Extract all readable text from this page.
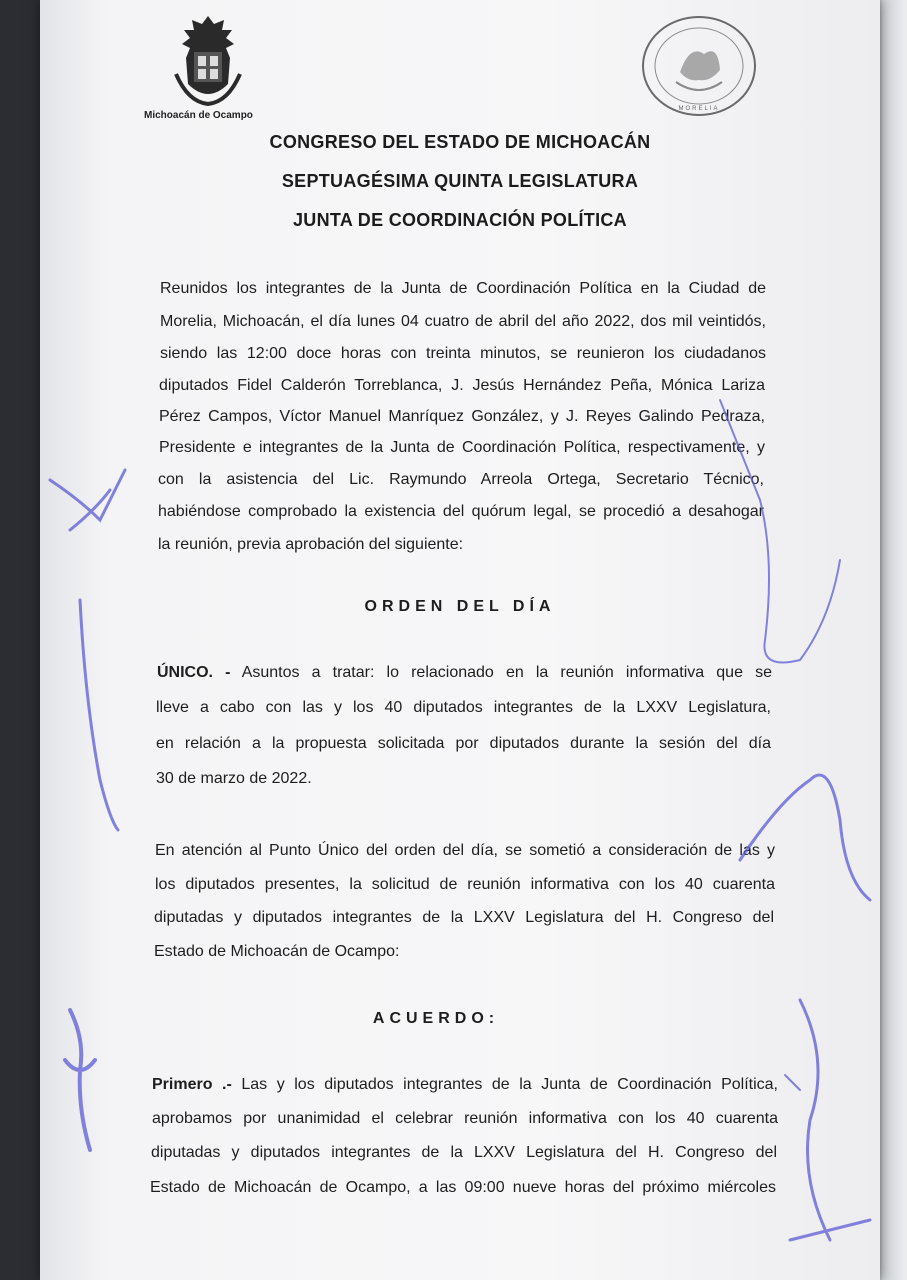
Michoacán de Ocampo
MORELIA
CONGRESO DEL ESTADO DE MICHOACÁN
SEPTUAGÉSIMA QUINTA LEGISLATURA
JUNTA DE COORDINACIÓN POLÍTICA
Reunidos los integrantes de la Junta de Coordinación Política en la Ciudad de
Morelia, Michoacán, el día lunes 04 cuatro de abril del año 2022, dos mil veintidós,
siendo las 12:00 doce horas con treinta minutos, se reunieron los ciudadanos
diputados Fidel Calderón Torreblanca, J. Jesús Hernández Peña, Mónica Lariza
Pérez Campos, Víctor Manuel Manríquez González, y J. Reyes Galindo Pedraza,
Presidente e integrantes de la Junta de Coordinación Política, respectivamente, y
con la asistencia del Lic. Raymundo Arreola Ortega, Secretario Técnico,
habiéndose comprobado la existencia del quórum legal, se procedió a desahogar
la reunión, previa aprobación del siguiente:
ORDEN DEL DÍA
ÚNICO. - Asuntos a tratar: lo relacionado en la reunión informativa que se
lleve a cabo con las y los 40 diputados integrantes de la LXXV Legislatura,
en relación a la propuesta solicitada por diputados durante la sesión del día
30 de marzo de 2022.
En atención al Punto Único del orden del día, se sometió a consideración de las y
los diputados presentes, la solicitud de reunión informativa con los 40 cuarenta
diputadas y diputados integrantes de la LXXV Legislatura del H. Congreso del
Estado de Michoacán de Ocampo:
ACUERDO:
Primero .- Las y los diputados integrantes de la Junta de Coordinación Política,
aprobamos por unanimidad el celebrar reunión informativa con los 40 cuarenta
diputadas y diputados integrantes de la LXXV Legislatura del H. Congreso del
Estado de Michoacán de Ocampo, a las 09:00 nueve horas del próximo miércoles
